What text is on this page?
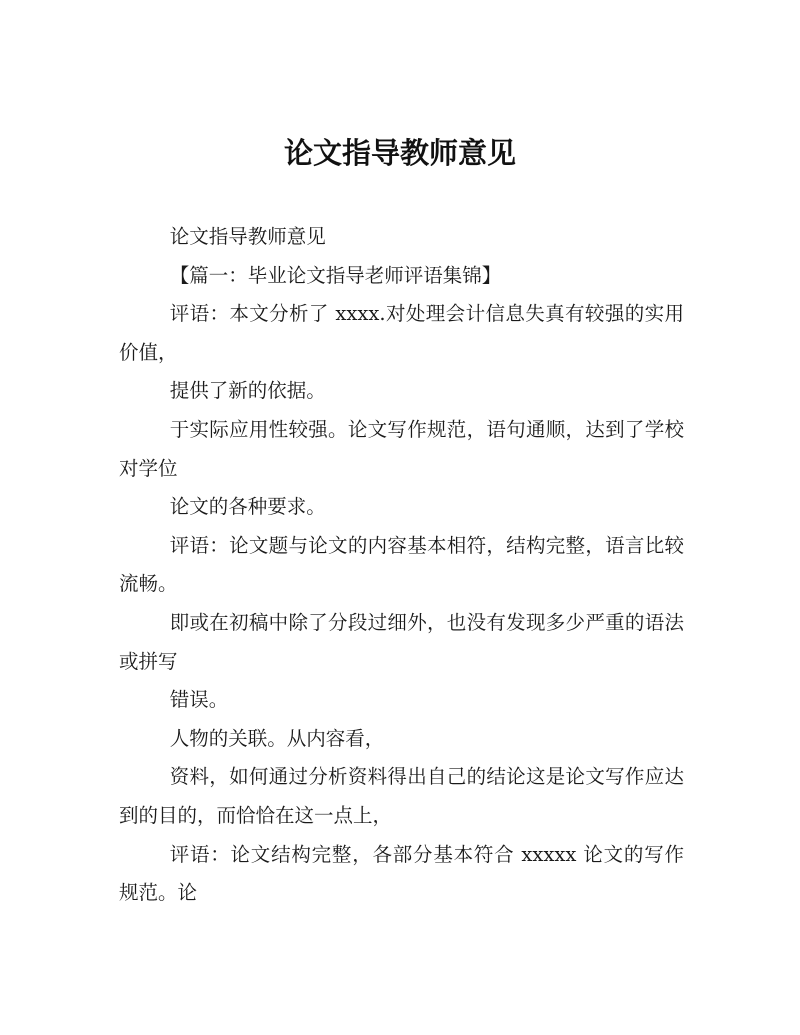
论文指导教师意见

论文指导教师意见

【篇一：毕业论文指导老师评语集锦】

评语：本文分析了 xxxx.对处理会计信息失真有较强的实用价值，

提供了新的依据。

于实际应用性较强。论文写作规范，语句通顺，达到了学校对学位

论文的各种要求。

评语：论文题与论文的内容基本相符，结构完整，语言比较流畅。

即或在初稿中除了分段过细外，也没有发现多少严重的语法或拼写

错误。

人物的关联。从内容看，

资料，如何通过分析资料得出自己的结论这是论文写作应达到的目的，而恰恰在这一点上，

评语：论文结构完整，各部分基本符合 xxxxx 论文的写作规范。论
